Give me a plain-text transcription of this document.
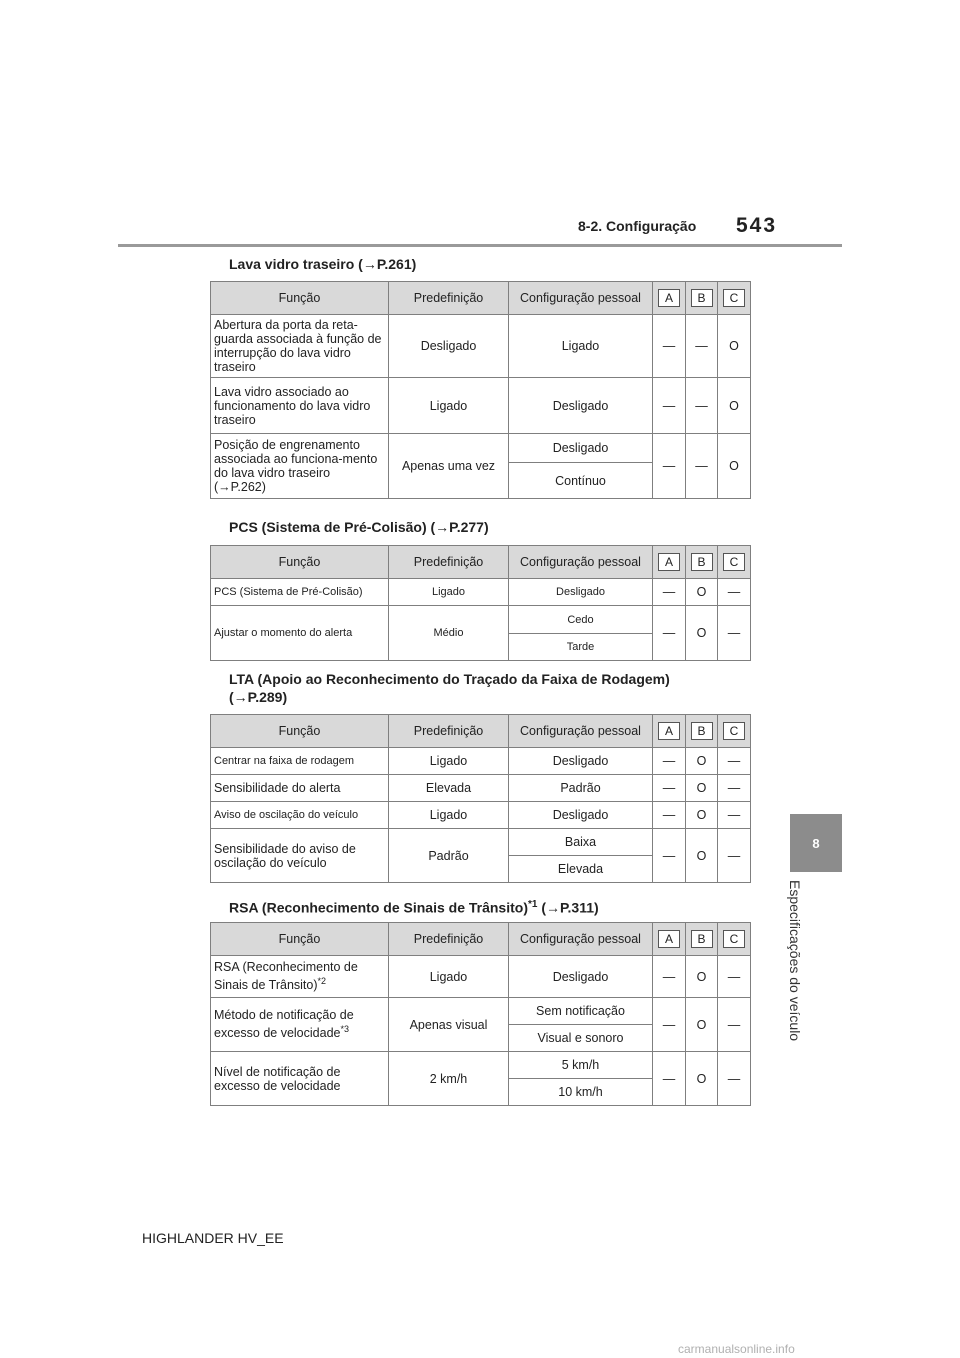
8-2. Configuração 543
8
Especificações do veículo
Lava vidro traseiro (→P.261)
Função	Predefinição	Configuração pessoal	A	B	C
Abertura da porta da reta-guarda associada à função de interrupção do lava vidro traseiro	Desligado	Ligado	—	—	O
Lava vidro associado ao funcionamento do lava vidro traseiro	Ligado	Desligado	—	—	O
Posição de engrenamento associada ao funciona-mento do lava vidro traseiro (→P.262)	Apenas uma vez	Desligado	—	—	O
		Contínuo			
PCS (Sistema de Pré-Colisão) (→P.277)
Função	Predefinição	Configuração pessoal	A	B	C
PCS (Sistema de Pré-Colisão)	Ligado	Desligado	—	O	—
Ajustar o momento do alerta	Médio	Cedo	—	O	—
		Tarde			
LTA (Apoio ao Reconhecimento do Traçado da Faixa de Rodagem)
(→P.289)
Função	Predefinição	Configuração pessoal	A	B	C
Centrar na faixa de rodagem	Ligado	Desligado	—	O	—
Sensibilidade do alerta	Elevada	Padrão	—	O	—
Aviso de oscilação do veículo	Ligado	Desligado	—	O	—
Sensibilidade do aviso de oscilação do veículo	Padrão	Baixa	—	O	—
		Elevada			
RSA (Reconhecimento de Sinais de Trânsito)$^{*1}$ (→P.311)
Função	Predefinição	Configuração pessoal	A	B	C
RSA (Reconhecimento de Sinais de Trânsito)$^{*2}$	Ligado	Desligado	—	O	—
Método de notificação de excesso de velocidade$^{*3}$	Apenas visual	Sem notificação	—	O	—
		Visual e sonoro			
Nível de notificação de excesso de velocidade	2 km/h	5 km/h	—	O	—
		10 km/h			
HIGHLANDER HV_EE
carmanualsonline.info
